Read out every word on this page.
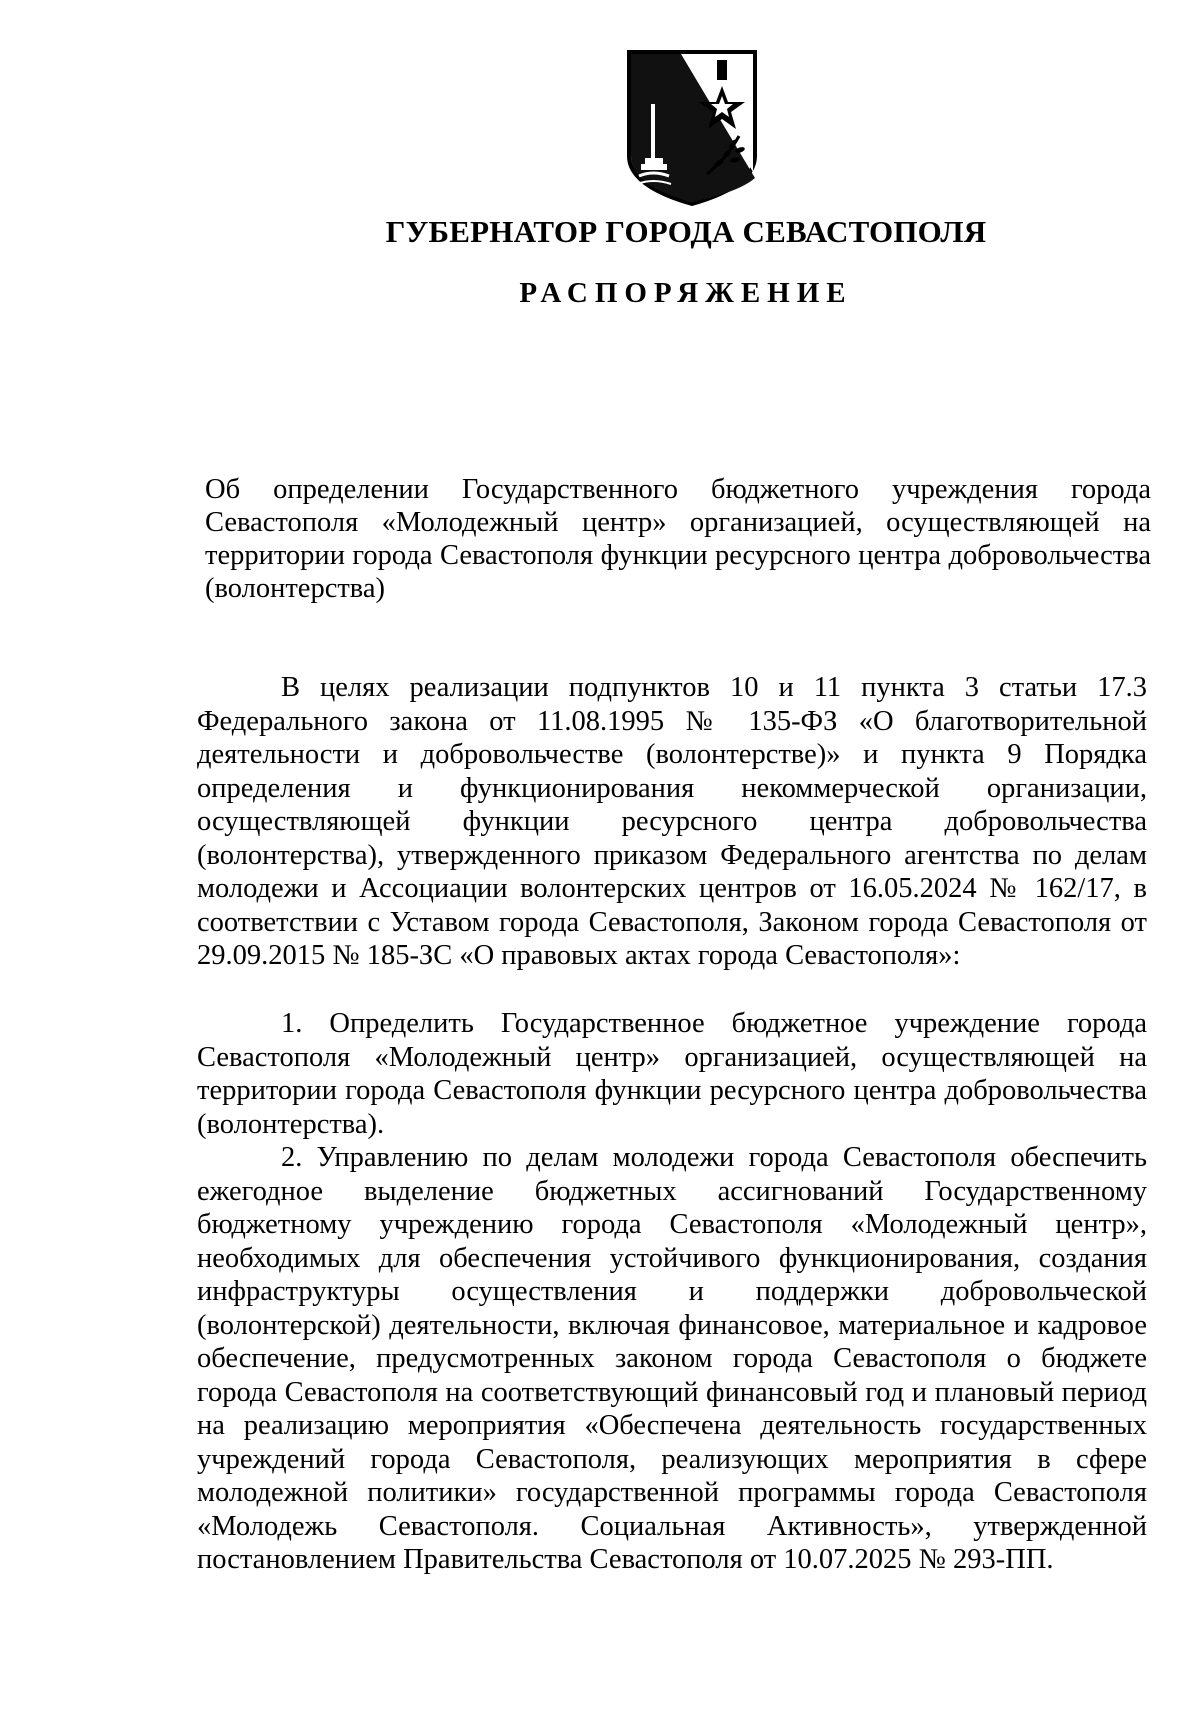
ГУБЕРНАТОР ГОРОДА СЕВАСТОПОЛЯ
РАСПОРЯЖЕНИЕ
Об определении Государственного бюджетного учреждения города Севастополя «Молодежный центр» организацией, осуществляющей на территории города Севастополя функции ресурсного центра добровольчества (волонтерства)

В целях реализации подпунктов 10 и 11 пункта 3 статьи 17.3 Федерального закона от 11.08.1995 № 135-ФЗ «О благотворительной деятельности и добровольчестве (волонтерстве)» и пункта 9 Порядка определения и функционирования некоммерческой организации, осуществляющей функции ресурсного центра добровольчества (волонтерства), утвержденного приказом Федерального агентства по делам молодежи и Ассоциации волонтерских центров от 16.05.2024 № 162/17, в соответствии с Уставом города Севастополя, Законом города Севастополя от 29.09.2015 № 185-ЗС «О правовых актах города Севастополя»:

1. Определить Государственное бюджетное учреждение города Севастополя «Молодежный центр» организацией, осуществляющей на территории города Севастополя функции ресурсного центра добровольчества (волонтерства).

2. Управлению по делам молодежи города Севастополя обеспечить ежегодное выделение бюджетных ассигнований Государственному бюджетному учреждению города Севастополя «Молодежный центр», необходимых для обеспечения устойчивого функционирования, создания инфраструктуры осуществления и поддержки добровольческой (волонтерской) деятельности, включая финансовое, материальное и кадровое обеспечение, предусмотренных законом города Севастополя о бюджете города Севастополя на соответствующий финансовый год и плановый период на реализацию мероприятия «Обеспечена деятельность государственных учреждений города Севастополя, реализующих мероприятия в сфере молодежной политики» государственной программы города Севастополя «Молодежь Севастополя. Социальная Активность», утвержденной постановлением Правительства Севастополя от 10.07.2025 № 293-ПП.
